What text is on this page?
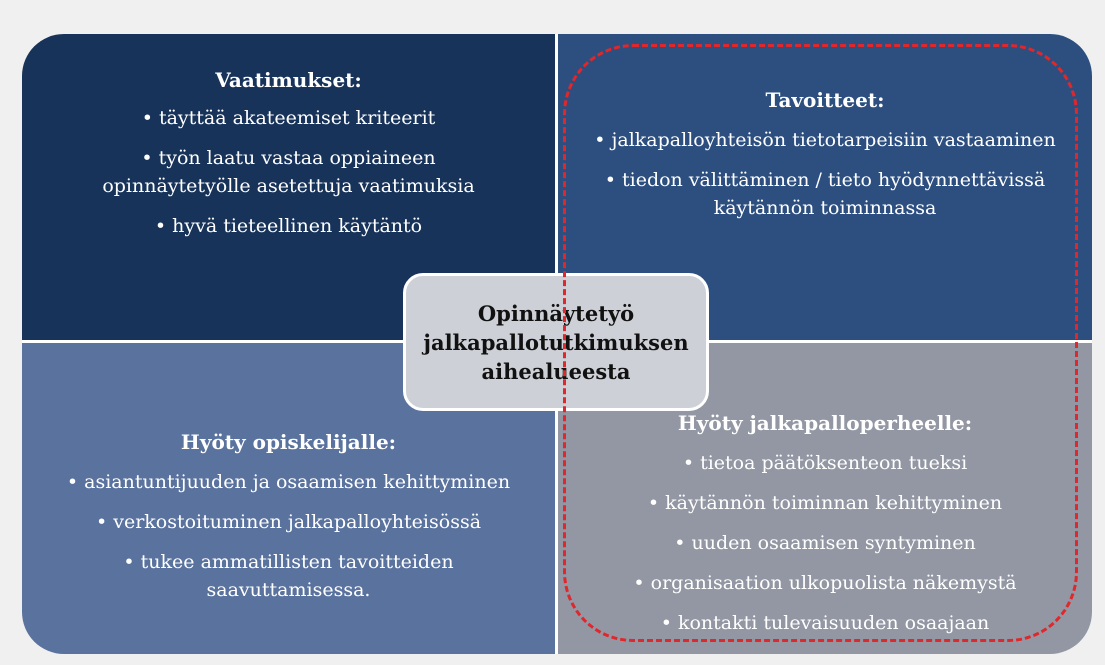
Vaatimukset:
• täyttää akateemiset kriteerit
• työn laatu vastaa oppiaineen opinnäytetyölle asetettuja vaatimuksia
• hyvä tieteellinen käytäntö
Tavoitteet:
• jalkapalloyhteisön tietotarpeisiin vastaaminen
• tiedon välittäminen / tieto hyödynnettävissä käytännön toiminnassa
Hyöty opiskelijalle:
• asiantuntijuuden ja osaamisen kehittyminen
• verkostoituminen jalkapalloyhteisössä
• tukee ammatillisten tavoitteiden saavuttamisessa.
Hyöty jalkapalloperheelle:
• tietoa päätöksenteon tueksi
• käytännön toiminnan kehittyminen
• uuden osaamisen syntyminen
• organisaation ulkopuolista näkemystä
• kontakti tulevaisuuden osaajaan
Opinnäytetyö
jalkapallotutkimuksen
aihealueesta
